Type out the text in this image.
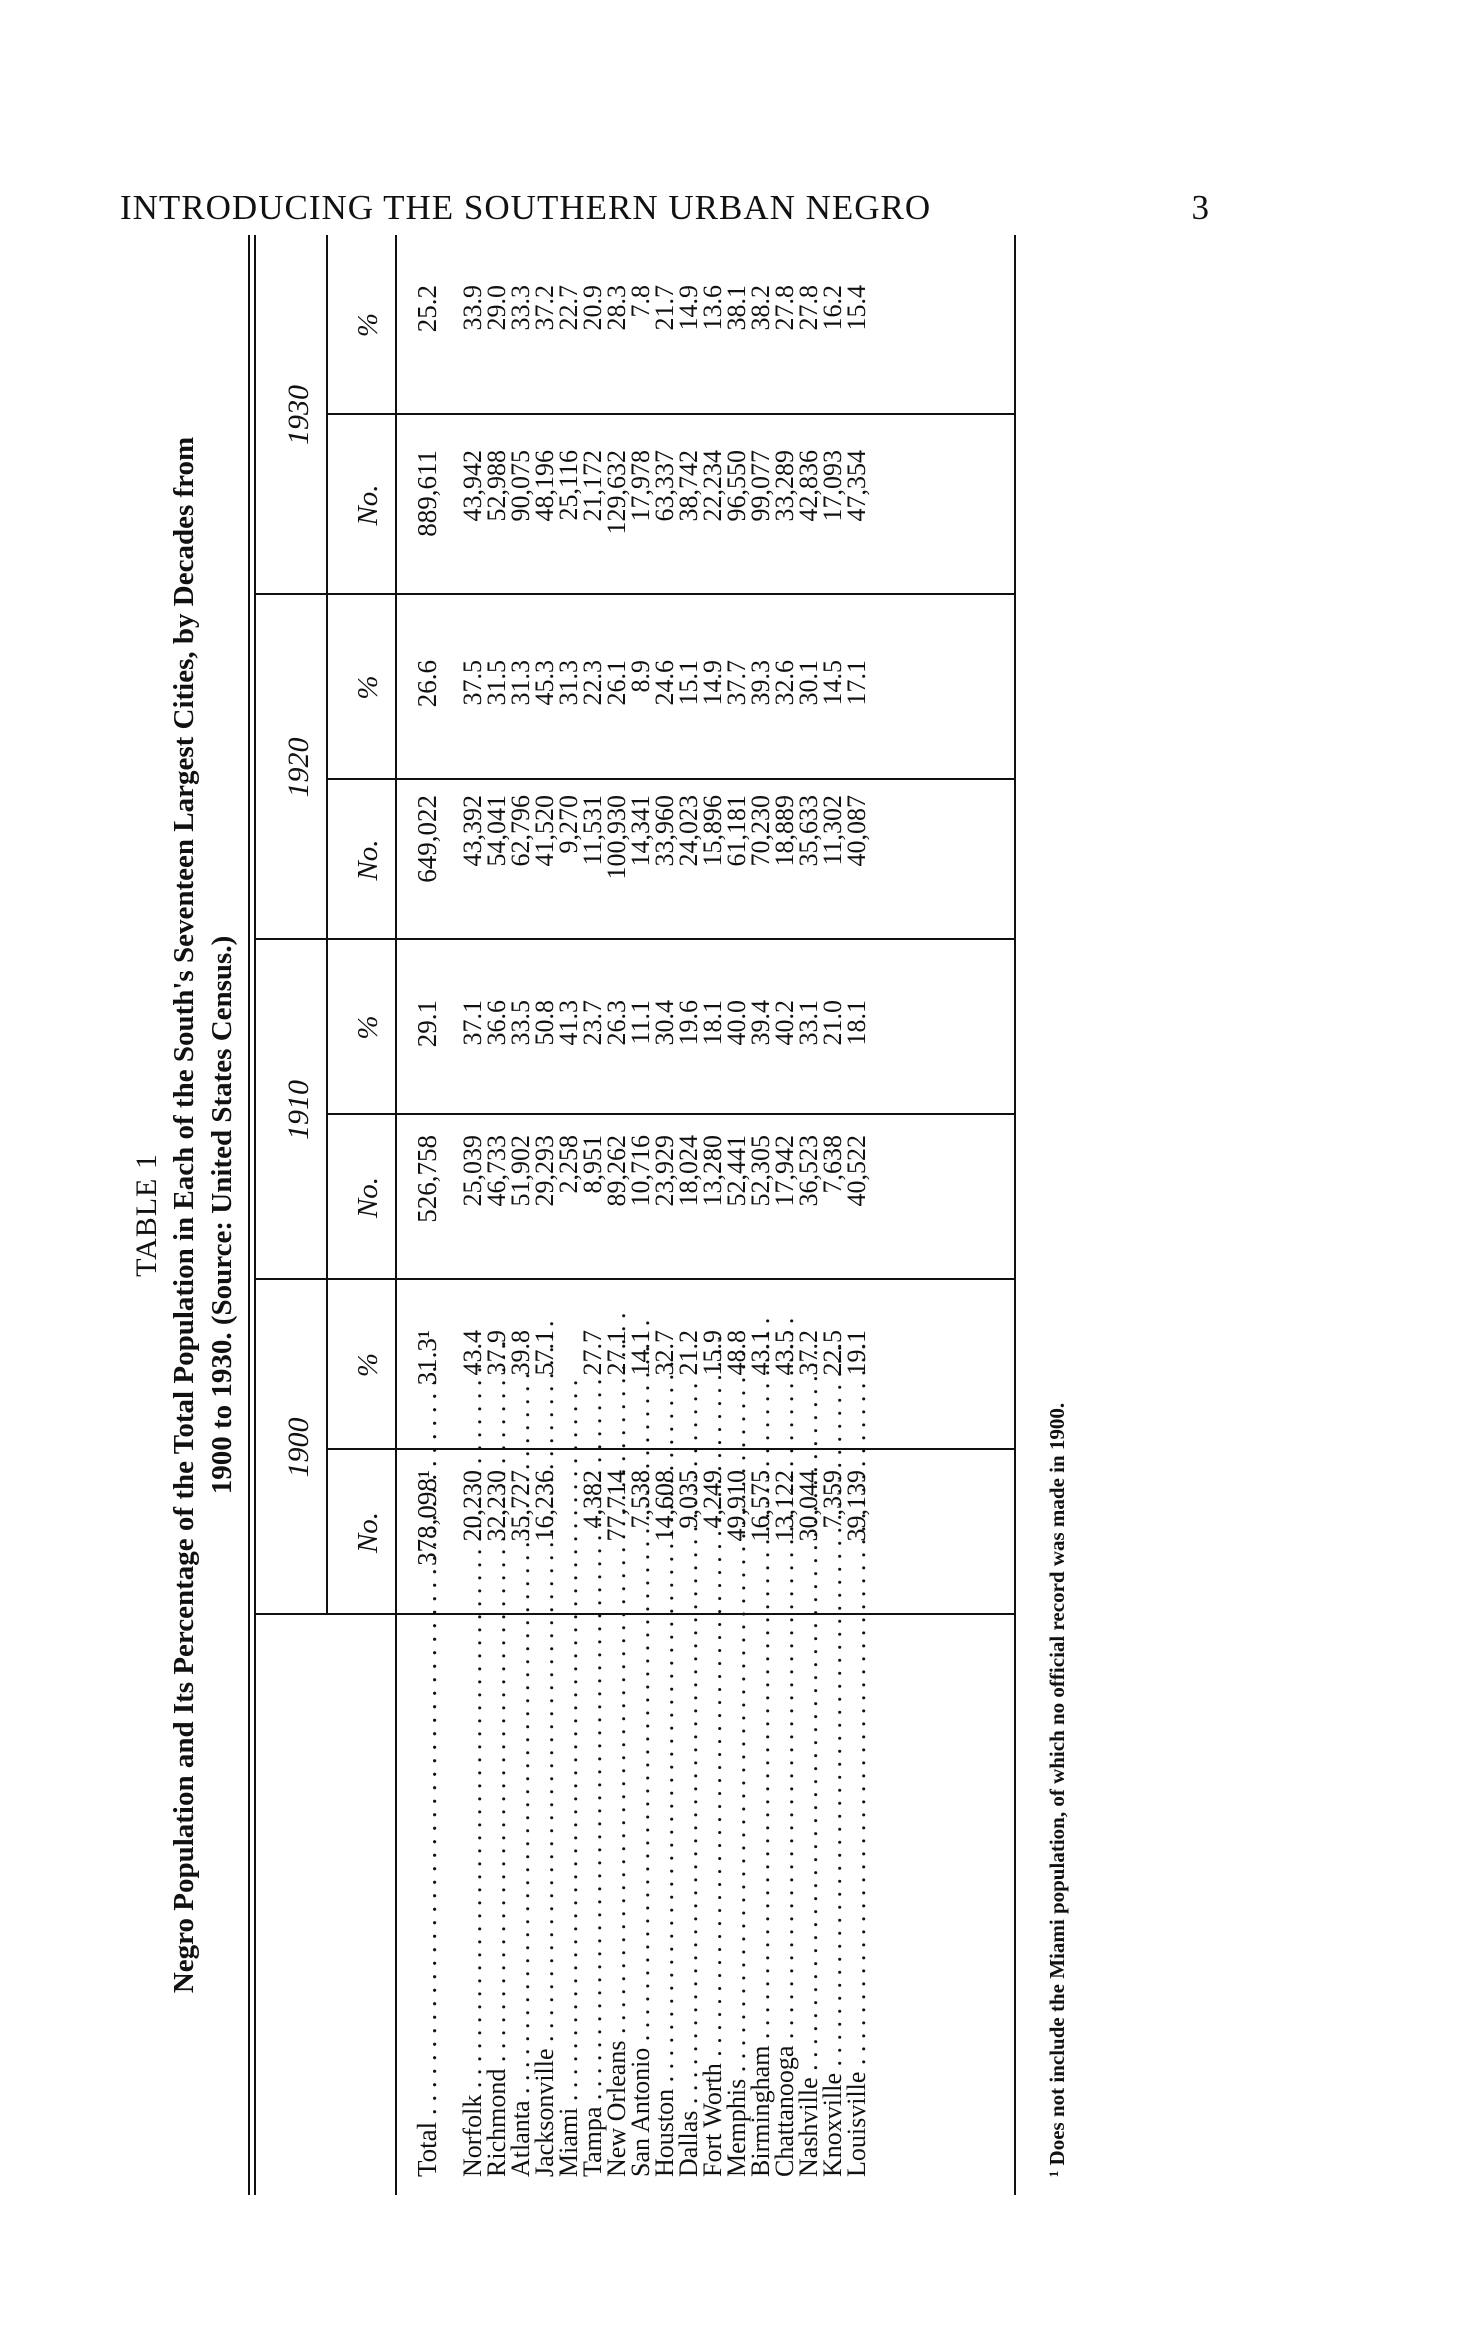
INTRODUCING THE SOUTHERN URBAN NEGRO	3
TABLE 1 Negro Population and Its Percentage of the Total Population in Each of the South's Seventeen Largest Cities, by Decades from 1900 to 1930. (Source: United States Census.) 1900
1910
1920
1930
No.
%
No.
%
No.
%
No.
%
Total . . .
378,098¹
31.3¹
526,758
29.1
649,022
26.6
889,611
25.2
Norfolk . . .
20,230
43.4
25,039
37.1
43,392
37.5
43,942
33.9
Richmond . . .
32,230
37.9
46,733
36.6
54,041
31.5
52,988
29.0
Atlanta . . .
35,727
39.8
51,902
33.5
62,796
31.3
90,075
33.3
Jacksonville . . .
16,236
57.1
29,293
50.8
41,520
45.3
48,196
37.2
Miami . . .
2,258
41.3
9,270
31.3
25,116
22.7
Tampa . . .
4,382
27.7
8,951
23.7
11,531
22.3
21,172
20.9
New Orleans . . .
77,714
27.1
89,262
26.3
100,930
26.1
129,632
28.3
San Antonio . . .
7,538
14.1
10,716
11.1
14,341
8.9
17,978
7.8
Houston . . .
14,608
32.7
23,929
30.4
33,960
24.6
63,337
21.7
Dallas . . .
9,035
21.2
18,024
19.6
24,023
15.1
38,742
14.9
Fort Worth . . .
4,249
15.9
13,280
18.1
15,896
14.9
22,234
13.6
Memphis . . .
49,910
48.8
52,441
40.0
61,181
37.7
96,550
38.1
Birmingham . . .
16,575
43.1
52,305
39.4
70,230
39.3
99,077
38.2
Chattanooga . . .
13,122
43.5
17,942
40.2
18,889
32.6
33,289
27.8
Nashville . . .
30,044
37.2
36,523
33.1
35,633
30.1
42,836
27.8
Knoxville . . .
7,359
22.5
7,638
21.0
11,302
14.5
17,093
16.2
Louisville . . .
39,139
19.1
40,522
18.1
40,087
17.1
47,354
15.4
¹ Does not include the Miami population, of which no official record was made in 1900.
